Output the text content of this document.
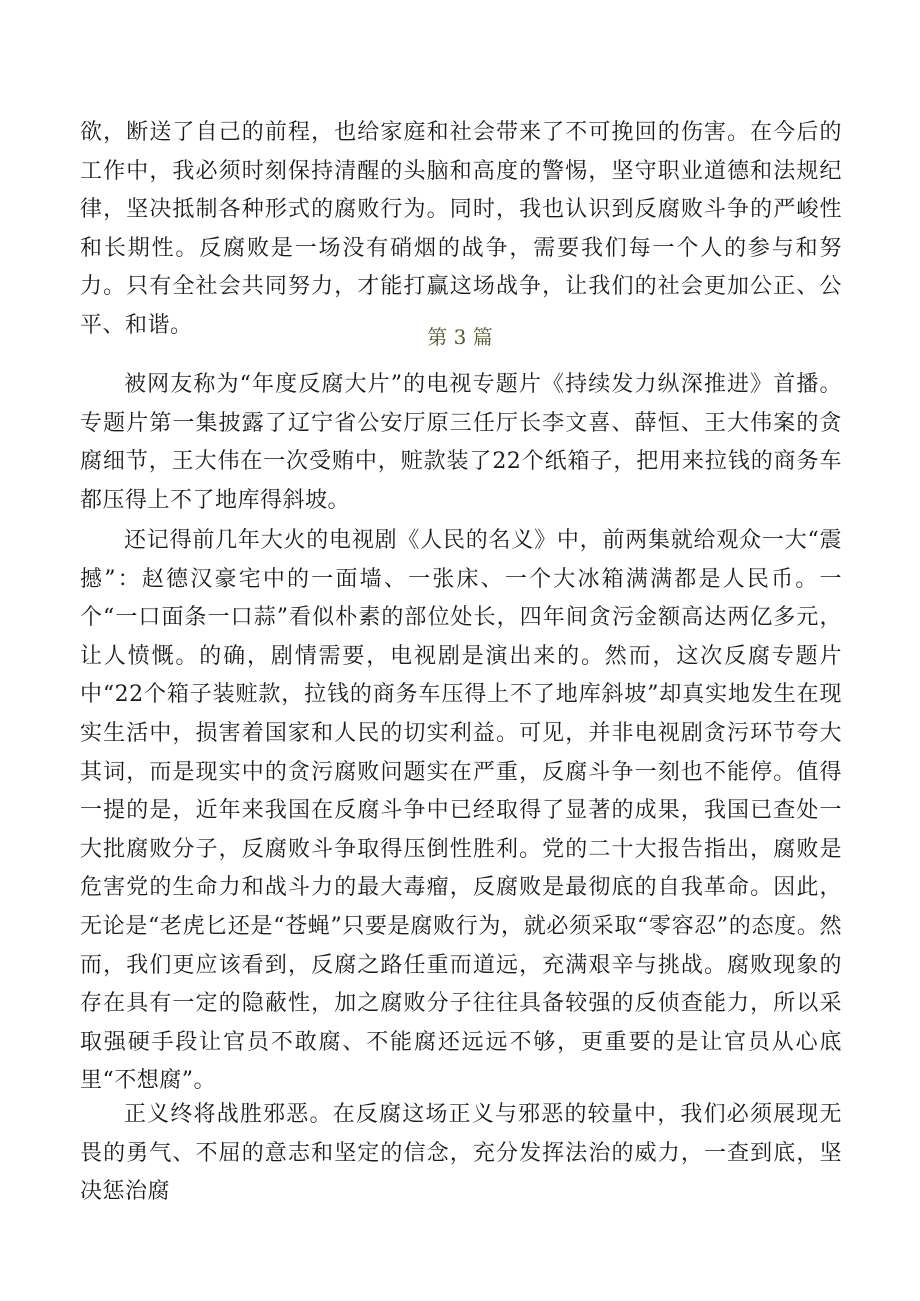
欲，断送了自己的前程，也给家庭和社会带来了不可挽回的伤害。在今后的工作中，我必须时刻保持清醒的头脑和高度的警惕，坚守职业道德和法规纪律，坚决抵制各种形式的腐败行为。同时，我也认识到反腐败斗争的严峻性和长期性。反腐败是一场没有硝烟的战争，需要我们每一个人的参与和努力。只有全社会共同努力，才能打赢这场战争，让我们的社会更加公正、公平、和谐。	第 3 篇

被网友称为“年度反腐大片”的电视专题片《持续发力纵深推进》首播。专题片第一集披露了辽宁省公安厅原三任厅长李文喜、薛恒、王大伟案的贪腐细节，王大伟在一次受贿中，赃款装了22个纸箱子，把用来拉钱的商务车都压得上不了地库得斜坡。

还记得前几年大火的电视剧《人民的名义》中，前两集就给观众一大“震撼”：赵德汉豪宅中的一面墙、一张床、一个大冰箱满满都是人民币。一个“一口面条一口蒜”看似朴素的部位处长，四年间贪污金额高达两亿多元，让人愤慨。的确，剧情需要，电视剧是演出来的。然而，这次反腐专题片中“22个箱子装赃款，拉钱的商务车压得上不了地库斜坡”却真实地发生在现实生活中，损害着国家和人民的切实利益。可见，并非电视剧贪污环节夸大其词，而是现实中的贪污腐败问题实在严重，反腐斗争一刻也不能停。值得一提的是，近年来我国在反腐斗争中已经取得了显著的成果，我国已查处一大批腐败分子，反腐败斗争取得压倒性胜利。党的二十大报告指出，腐败是危害党的生命力和战斗力的最大毒瘤，反腐败是最彻底的自我革命。因此，无论是“老虎匕还是“苍蝇”只要是腐败行为，就必须采取“零容忍”的态度。然而，我们更应该看到，反腐之路任重而道远，充满艰辛与挑战。腐败现象的存在具有一定的隐蔽性，加之腐败分子往往具备较强的反侦查能力，所以采取强硬手段让官员不敢腐、不能腐还远远不够，更重要的是让官员从心底里“不想腐”。

正义终将战胜邪恶。在反腐这场正义与邪恶的较量中，我们必须展现无畏的勇气、不屈的意志和坚定的信念，充分发挥法治的威力，一查到底，坚决惩治腐
